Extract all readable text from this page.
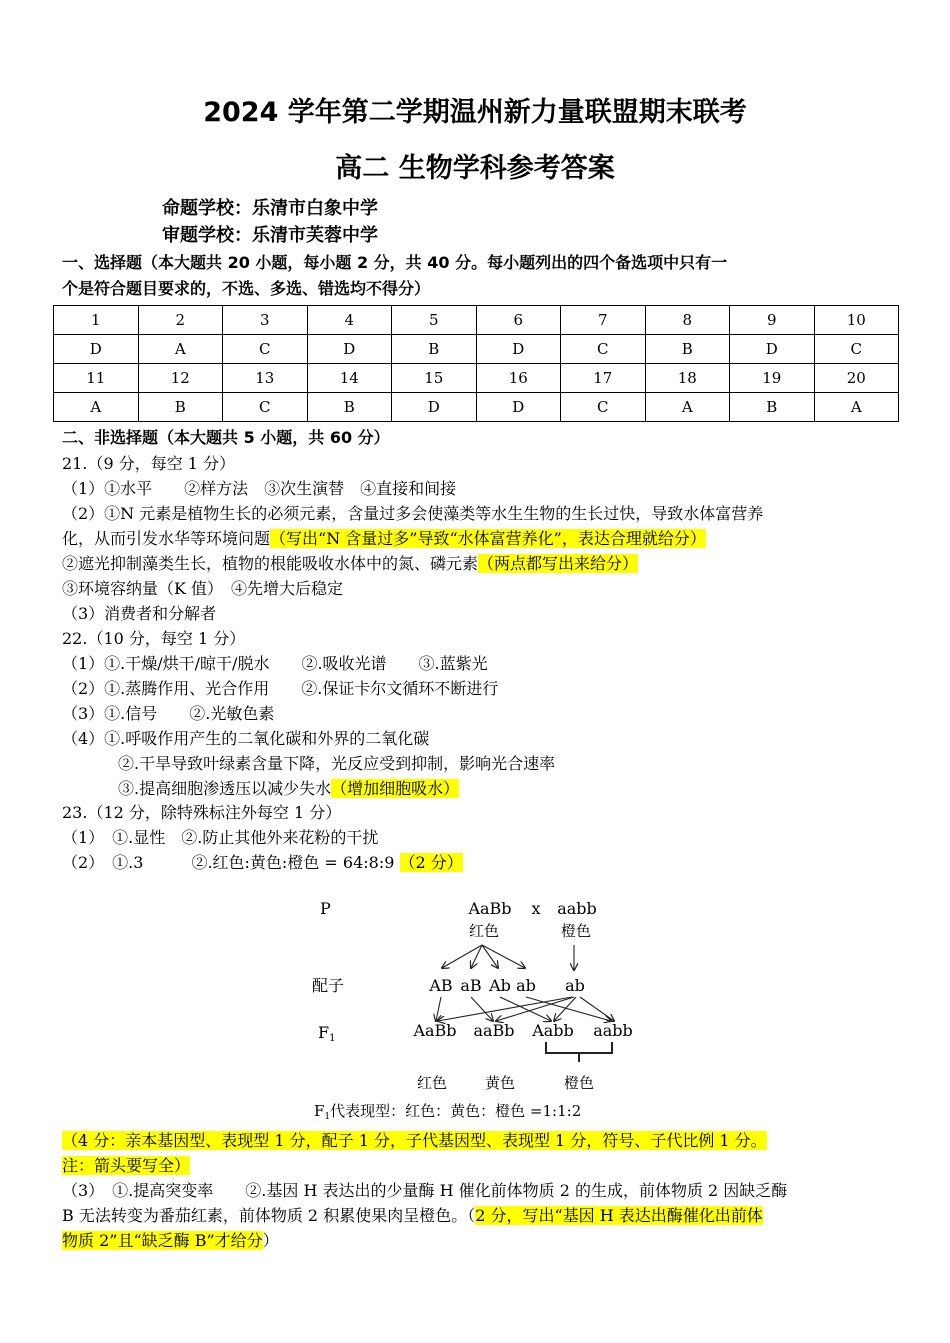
2024 学年第二学期温州新力量联盟期末联考
高二 生物学科参考答案
命题学校：乐清市白象中学
审题学校：乐清市芙蓉中学
一、选择题（本大题共 20 小题，每小题 2 分，共 40 分。每小题列出的四个备选项中只有一
个是符合题目要求的，不选、多选、错选均不得分）
1	2	3	4	5	6	7	8	9	10
D	A	C	D	B	D	C	B	D	C
11	12	13	14	15	16	17	18	19	20
A	B	C	B	D	D	C	A	B	A
二、非选择题（本大题共 5 小题，共 60 分）
21.（9 分，每空 1 分）
（1）①水平　　②样方法　③次生演替　④直接和间接
（2）①N 元素是植物生长的必须元素，含量过多会使藻类等水生生物的生长过快，导致水体富营养
化，从而引发水华等环境问题（写出“N 含量过多”导致“水体富营养化”，表达合理就给分）
②遮光抑制藻类生长，植物的根能吸收水体中的氮、磷元素（两点都写出来给分）
③环境容纳量（K 值）　④先增大后稳定
（3）消费者和分解者
22.（10 分，每空 1 分）
（1）①.干燥/烘干/晾干/脱水　　②.吸收光谱　　③.蓝紫光
（2）①.蒸腾作用、光合作用　　②.保证卡尔文循环不断进行
（3）①.信号　　②.光敏色素
（4）①.呼吸作用产生的二氧化碳和外界的二氧化碳
②.干旱导致叶绿素含量下降，光反应受到抑制，影响光合速率
③.提高细胞渗透压以减少失水（增加细胞吸水）
23.（12 分，除特殊标注外每空 1 分）
（1）　①.显性　②.防止其他外来花粉的干扰
（2）　①.3　　　②.红色:黄色:橙色 = 64:8:9 （2 分）
P	AaBb x aabb
红色	橙色
配子	AB aB Ab ab ab
F1	AaBb aaBb Aabb aabb
红色	黄色	橙色
$F_1$代表现型：红色：黄色：橙色 =1:1:2
（4 分：亲本基因型、表现型 1 分，配子 1 分，子代基因型、表现型 1 分，符号、子代比例 1 分。
注：箭头要写全）
（3）　①.提高突变率　　②.基因 H 表达出的少量酶 H 催化前体物质 2 的生成，前体物质 2 因缺乏酶
B 无法转变为番茄红素，前体物质 2 积累使果肉呈橙色。（2 分，写出“基因 H 表达出酶催化出前体
物质 2”且“缺乏酶 B”才给分）
